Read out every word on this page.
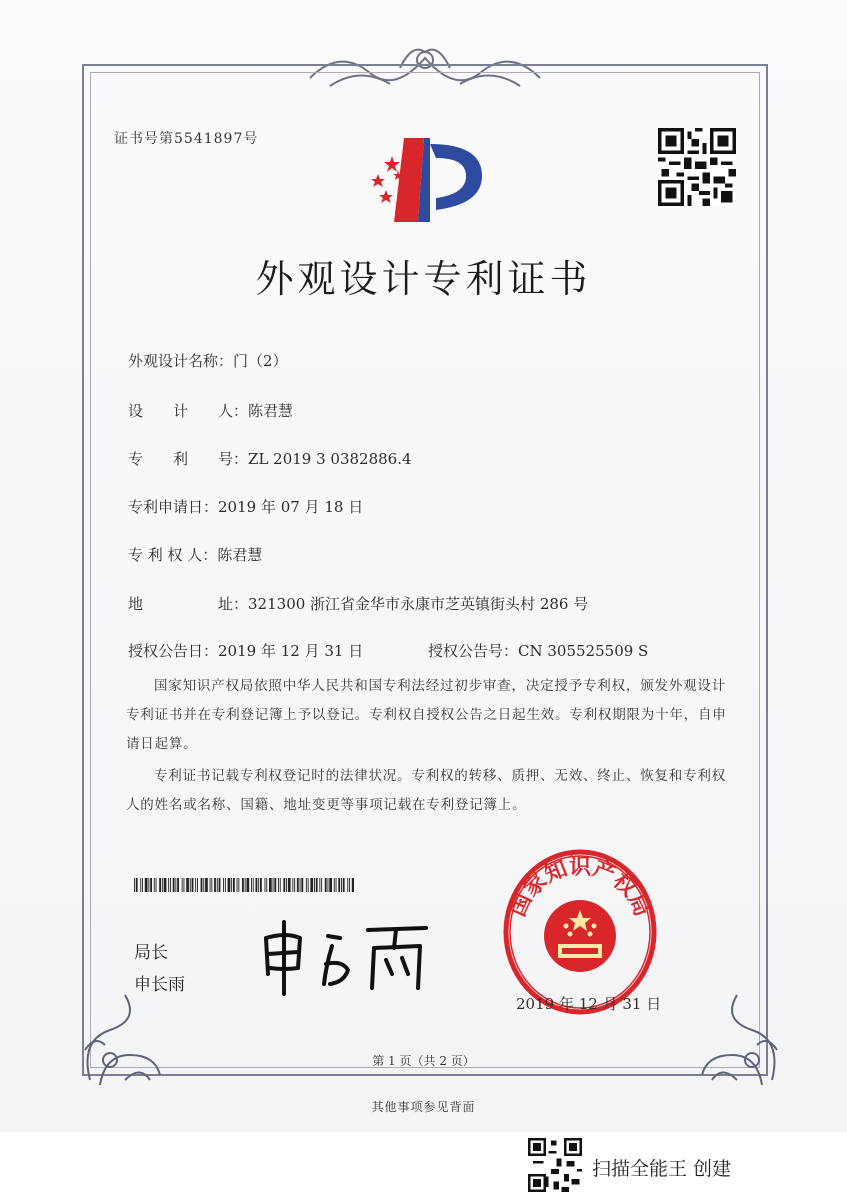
证书号第5541897号
外观设计专利证书
外观设计名称：门（2）
设　　计　　人：陈君慧
专　　利　　号：ZL 2019 3 0382886.4
专利申请日：2019 年 07 月 18 日
专 利 权 人：陈君慧
地　　　　　址：321300 浙江省金华市永康市芝英镇街头村 286 号
授权公告日：2019 年 12 月 31 日	授权公告号：CN 305525509 S
国家知识产权局依照中华人民共和国专利法经过初步审查，决定授予专利权，颁发外观设计专利证书并在专利登记簿上予以登记。专利权自授权公告之日起生效。专利权期限为十年，自申请日起算。
专利证书记载专利权登记时的法律状况。专利权的转移、质押、无效、终止、恢复和专利权人的姓名或名称、国籍、地址变更等事项记载在专利登记簿上。
局长
申长雨
国家知识产权局
2019 年 12 月 31 日
第 1 页（共 2 页）
其他事项参见背面
扫描全能王 创建
